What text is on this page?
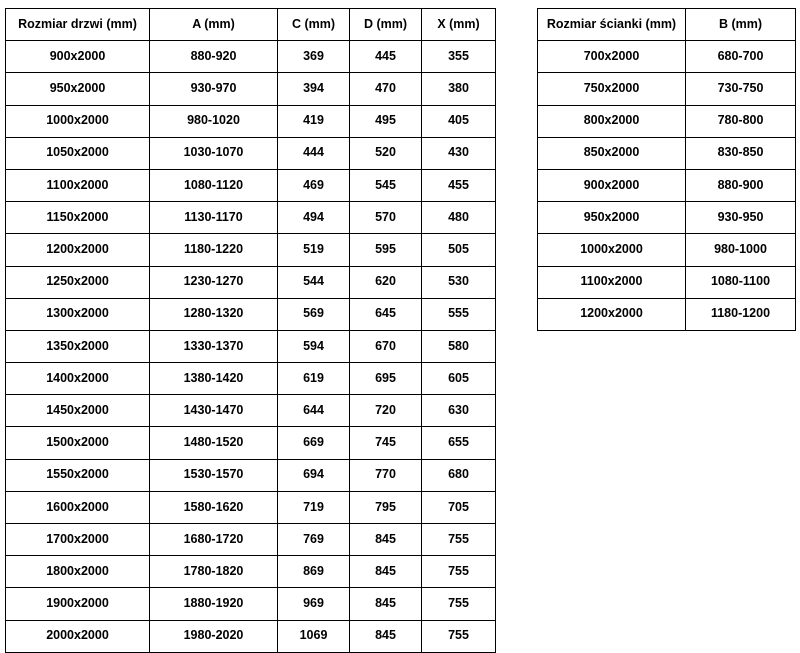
Rozmiar drzwi (mm)	A (mm)	C (mm)	D (mm)	X (mm)
900x2000	880-920	369	445	355
950x2000	930-970	394	470	380
1000x2000	980-1020	419	495	405
1050x2000	1030-1070	444	520	430
1100x2000	1080-1120	469	545	455
1150x2000	1130-1170	494	570	480
1200x2000	1180-1220	519	595	505
1250x2000	1230-1270	544	620	530
1300x2000	1280-1320	569	645	555
1350x2000	1330-1370	594	670	580
1400x2000	1380-1420	619	695	605
1450x2000	1430-1470	644	720	630
1500x2000	1480-1520	669	745	655
1550x2000	1530-1570	694	770	680
1600x2000	1580-1620	719	795	705
1700x2000	1680-1720	769	845	755
1800x2000	1780-1820	869	845	755
1900x2000	1880-1920	969	845	755
2000x2000	1980-2020	1069	845	755
Rozmiar ścianki (mm)	B (mm)
700x2000	680-700
750x2000	730-750
800x2000	780-800
850x2000	830-850
900x2000	880-900
950x2000	930-950
1000x2000	980-1000
1100x2000	1080-1100
1200x2000	1180-1200
